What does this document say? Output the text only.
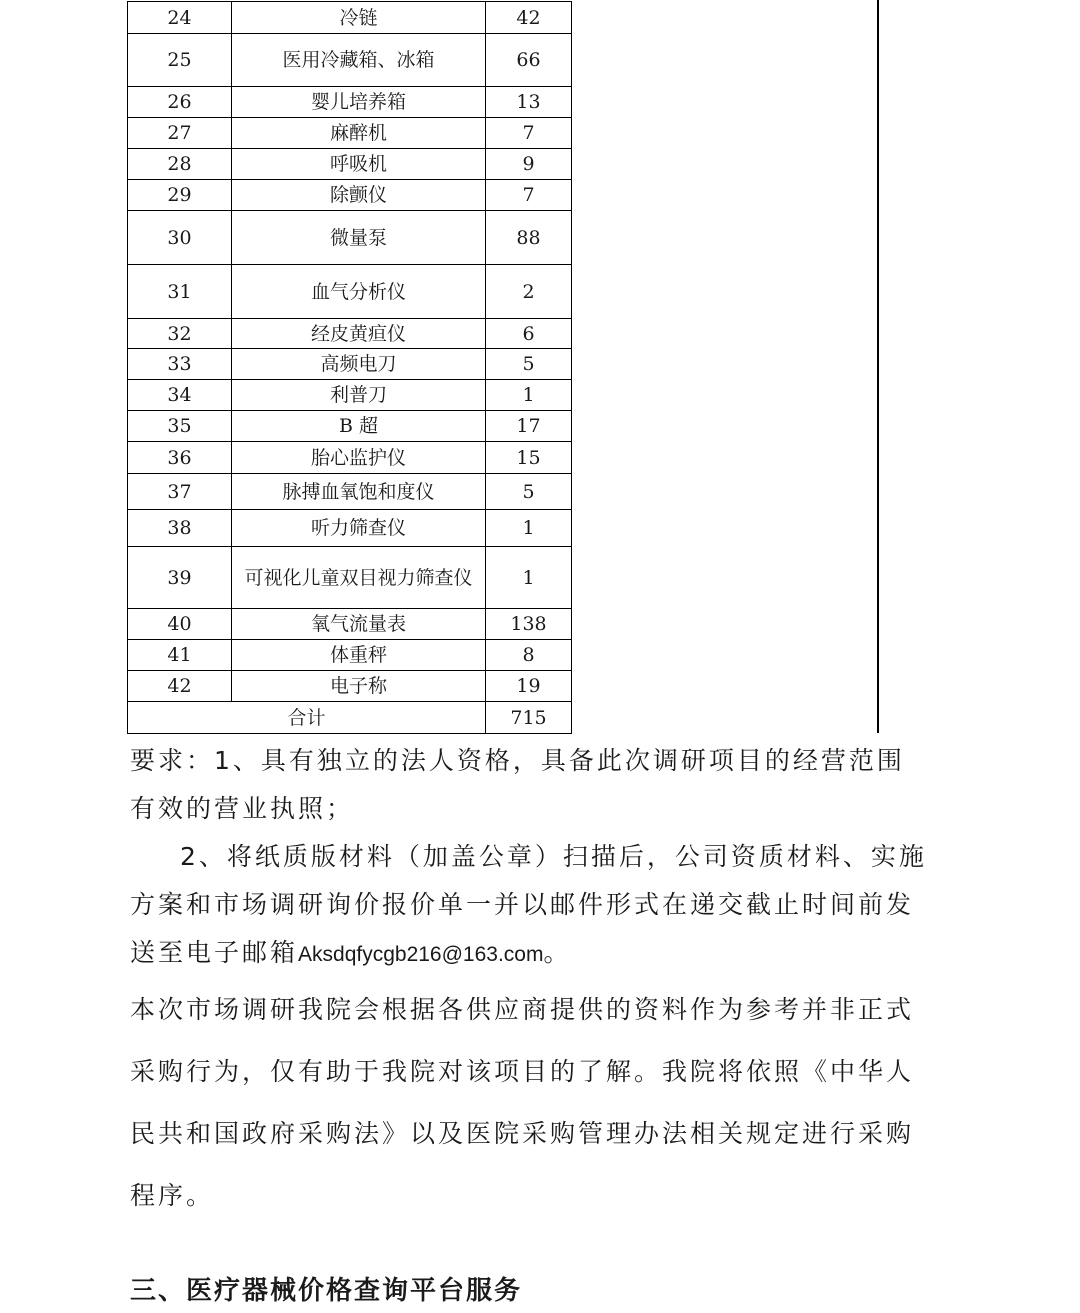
24	冷链	42
25	医用冷藏箱、冰箱	66
26	婴儿培养箱	13
27	麻醉机	7
28	呼吸机	9
29	除颤仪	7
30	微量泵	88
31	血气分析仪	2
32	经皮黄疸仪	6
33	高频电刀	5
34	利普刀	1
35	B 超	17
36	胎心监护仪	15
37	脉搏血氧饱和度仪	5
38	听力筛查仪	1
39	可视化儿童双目视力筛查仪	1
40	氧气流量表	138
41	体重秤	8
42	电子称	19
合计		715

要求：1、具有独立的法人资格，具备此次调研项目的经营范围有效的营业执照；

2、将纸质版材料（加盖公章）扫描后，公司资质材料、实施方案和市场调研询价报价单一并以邮件形式在递交截止时间前发送至电子邮箱Aksdqfycgb216@163.com。

本次市场调研我院会根据各供应商提供的资料作为参考并非正式采购行为，仅有助于我院对该项目的了解。我院将依照《中华人民共和国政府采购法》以及医院采购管理办法相关规定进行采购程序。

三、医疗器械价格查询平台服务
